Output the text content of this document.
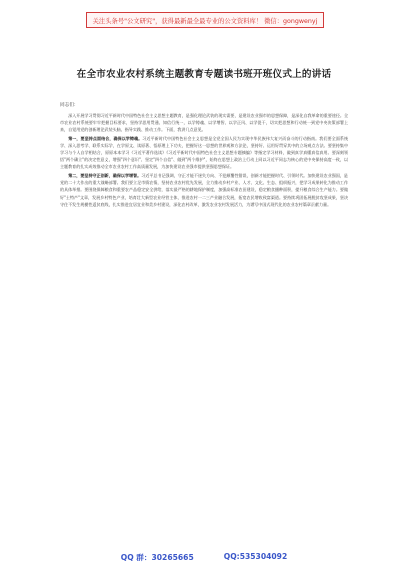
关注头条号"公文研究"，获得最新最全最专业的公文资料库！ 微信：gongwenyj
在全市农业农村系统主题教育专题读书班开班仪式上的讲话
同志们：

深入开展学习贯彻习近平新时代中国特色社会主义思想主题教育，是强化理论武装的现实需要，是建设农业强市的思想保障，是深化自我革命的重要途径。全市农业农村系统要牢牢把握目标要求，坚持学思用贯通、知信行统一，以学铸魂、以学增智、以学正风、以学促干，切实把思想和行动统一到党中央决策部署上来，自觉用党的创新理论武装头脑、指导实践、推动工作。下面，我讲几点意见。

第一，要坚持点面结合，确保以学铸魂。习近平新时代中国特色社会主义思想是全党全国人民为实现中华民族伟大复兴而奋斗的行动指南。我们要全面系统学、深入思考学、联系实际学，在学原文、读原著、悟原理上下功夫，把握好这一思想的世界观和方法论，坚持好、运用好贯穿其中的立场观点方法。要坚持集中学习与个人自学相结合，原原本本学习《习近平著作选读》《习近平新时代中国特色社会主义思想专题摘编》等指定学习材料，做到真学真懂真信真用。要深刻领悟"两个确立"的决定性意义，增强"四个意识"、坚定"四个自信"、做到"两个维护"，始终在思想上政治上行动上同以习近平同志为核心的党中央保持高度一致，以主题教育的扎实成效推动全市农业农村工作高质量发展，为加快建设农业强市提供坚强思想保证。

第二，要坚持守正创新，确保以学增智。习近平总书记强调，守正才能不迷失方向、不犯颠覆性错误，创新才能把握时代、引领时代。加快建设农业强国，是党的二十大作出的重大战略部署。我们要立足市情农情，坚持农业农村优先发展，全力推动乡村产业、人才、文化、生态、组织振兴，把学习成果转化为推动工作的具体举措。要围绕保障粮食和重要农产品稳定安全供给，落实最严格的耕地保护制度，加强高标准农田建设，稳定粮食播种面积，提升粮食综合生产能力。要做好"土特产"文章，发展乡村特色产业，培育壮大新型农业经营主体，推进农村一二三产业融合发展，拓宽农民增收致富渠道。要持续巩固拓展脱贫攻坚成果，坚决守住不发生规模性返贫底线，扎实推进宜居宜业和美乡村建设，深化农村改革，激发农业农村发展活力，为谱写中国式现代化的农业农村篇章贡献力量。

QQ 群：30265665	QQ:535304092
